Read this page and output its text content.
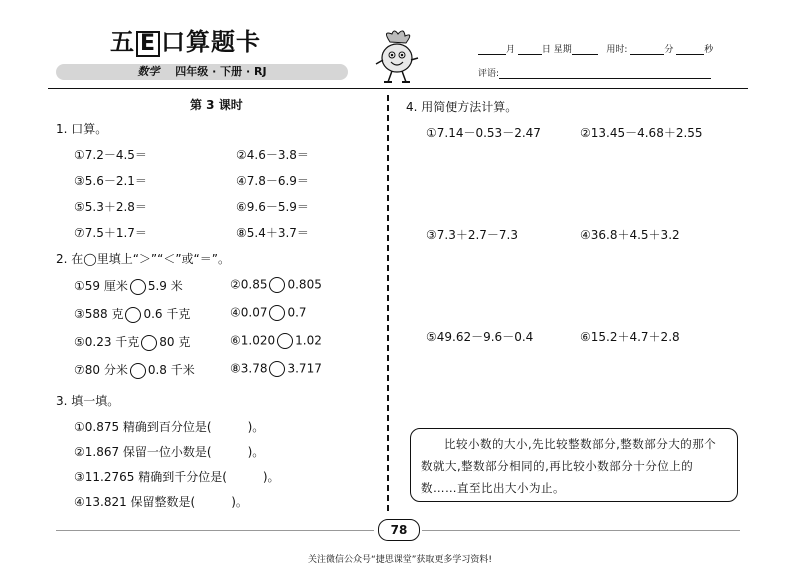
五 E 口算题卡
数学 四年级 · 下册 · RJ
月	日 星期	用时:	分	秒
评语:
第 3 课时
1. 口算。
①7.2－4.5＝	②4.6－3.8＝
③5.6－2.1＝	④7.8－6.9＝
⑤5.3＋2.8＝	⑥9.6－5.9＝
⑦7.5＋1.7＝	⑧5.4＋3.7＝
2. 在◯里填上“＞”“＜”或“＝”。
①59 厘米 5.9 米	②0.85 0.805
③588 克 0.6 千克	④0.07 0.7
⑤0.23 千克 80 克	⑥1.020 1.02
⑦80 分米 0.8 千米	⑧3.78 3.717
3. 填一填。
①0.875 精确到百分位是(　　　)。
②1.867 保留一位小数是(　　　)。
③11.2765 精确到千分位是(　　　)。
④13.821 保留整数是(　　　)。
4. 用简便方法计算。
①7.14－0.53－2.47	②13.45－4.68＋2.55
③7.3＋2.7－7.3	④36.8＋4.5＋3.2
⑤49.62－9.6－0.4	⑥15.2＋4.7＋2.8
比较小数的大小,先比较整数部分,整数部分大的那个数就大,整数部分相同的,再比较小数部分十分位上的数……直至比出大小为止。
78
关注微信公众号“捷思课堂”获取更多学习资料!
